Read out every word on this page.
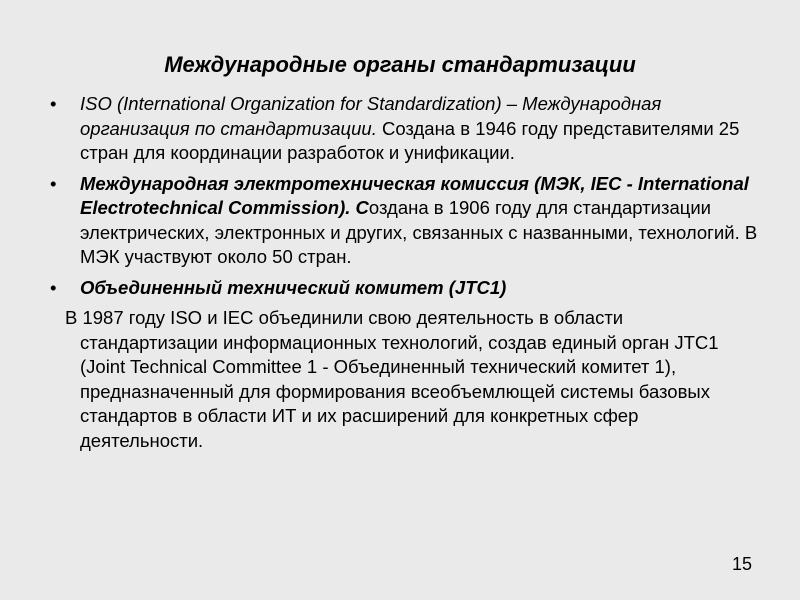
Международные органы стандартизации
•	ISO (International Organization for Standardization) – Международная организация по стандартизации. Создана в 1946 году представителями 25 стран для координации разработок и унификации.
•	Международная электротехническая комиссия (МЭК, IEC - International Electrotechnical Commission). Создана в 1906 году для стандартизации электрических, электронных и других, связанных с названными, технологий. В МЭК участвуют около 50 стран.
•	Объединенный технический комитет (JTC1)
В 1987 году ISO и IEC объединили свою деятельность в области стандартизации информационных технологий, создав единый орган JTC1 (Joint Technical Committee 1 - Объединенный технический комитет 1), предназначенный для формирования всеобъемлющей системы базовых стандартов в области ИТ и их расширений для конкретных сфер деятельности.
15
